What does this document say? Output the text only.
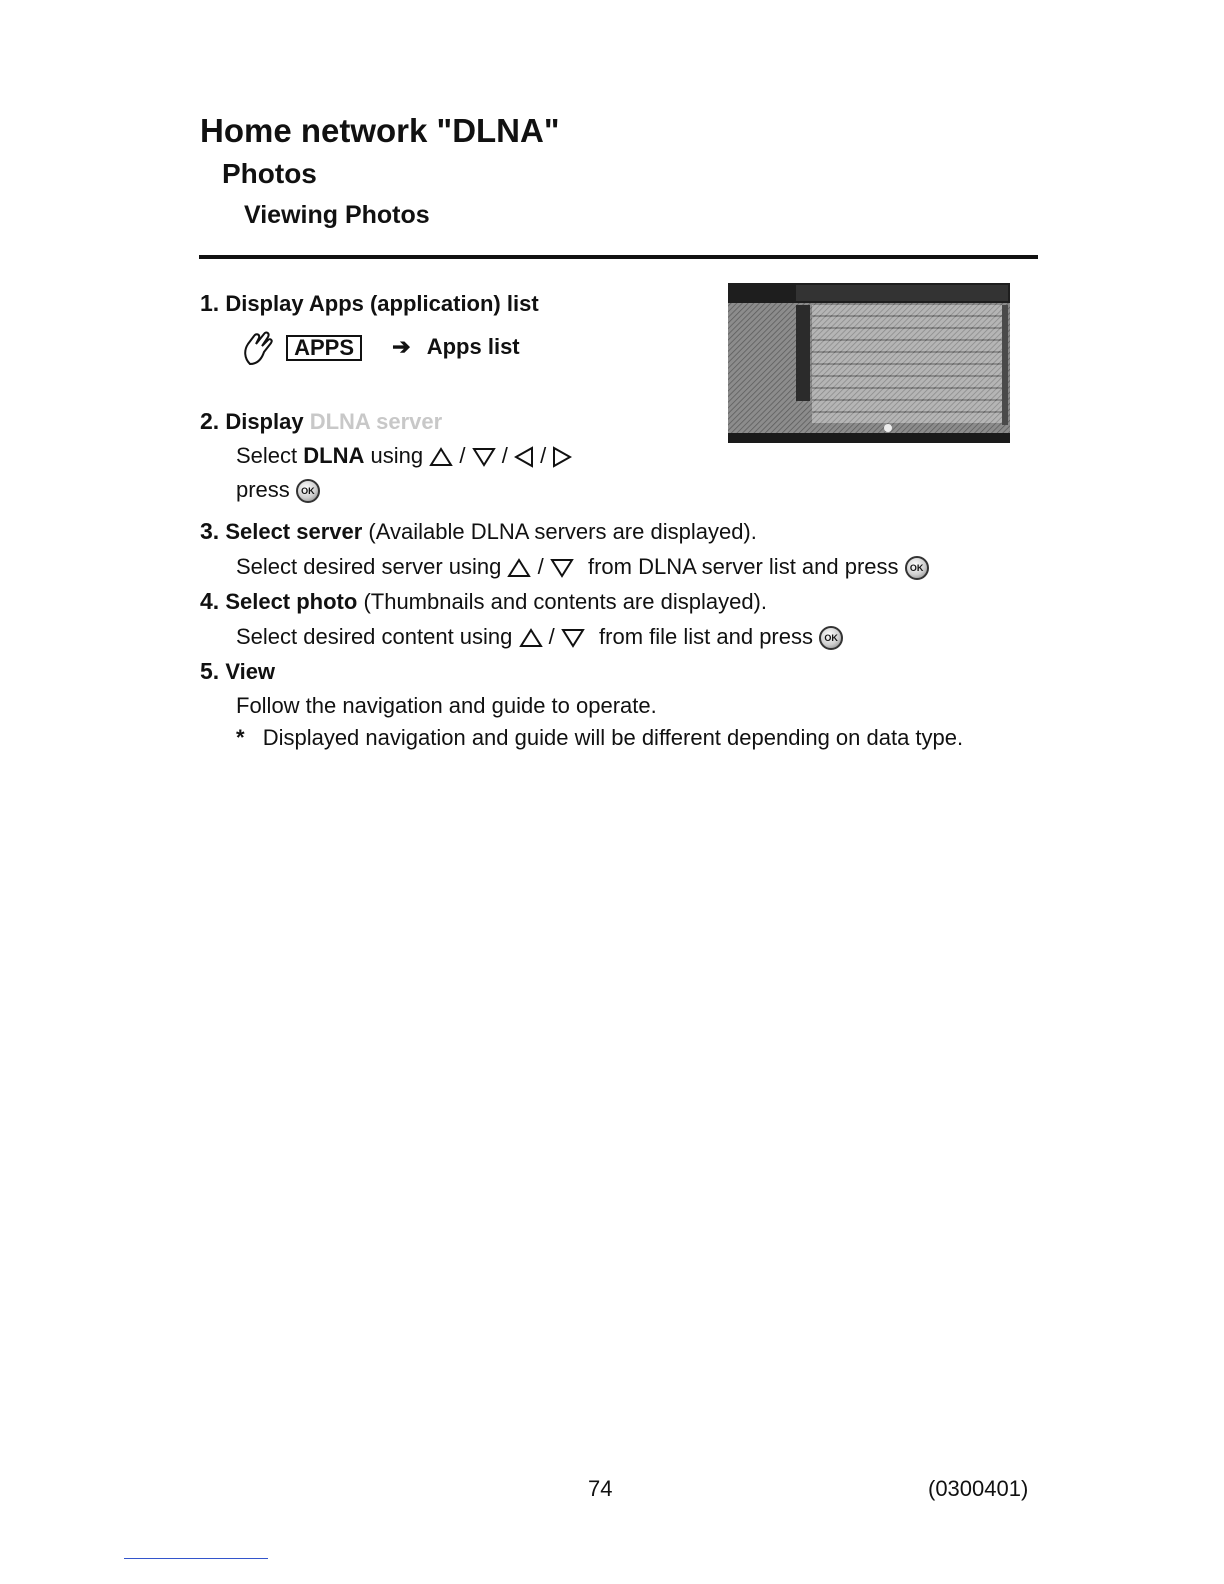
Home network "DLNA"
Photos
Viewing Photos
1. Display Apps (application) list
APPS ➔ Apps list
2. Display DLNA server
Select DLNA using / / /
press OK
3. Select server (Available DLNA servers are displayed).
Select desired server using / from DLNA server list and press OK
4. Select photo (Thumbnails and contents are displayed).
Select desired content using / from file list and press OK
5. View
Follow the navigation and guide to operate.
* Displayed navigation and guide will be different depending on data type.
74	(0300401)
